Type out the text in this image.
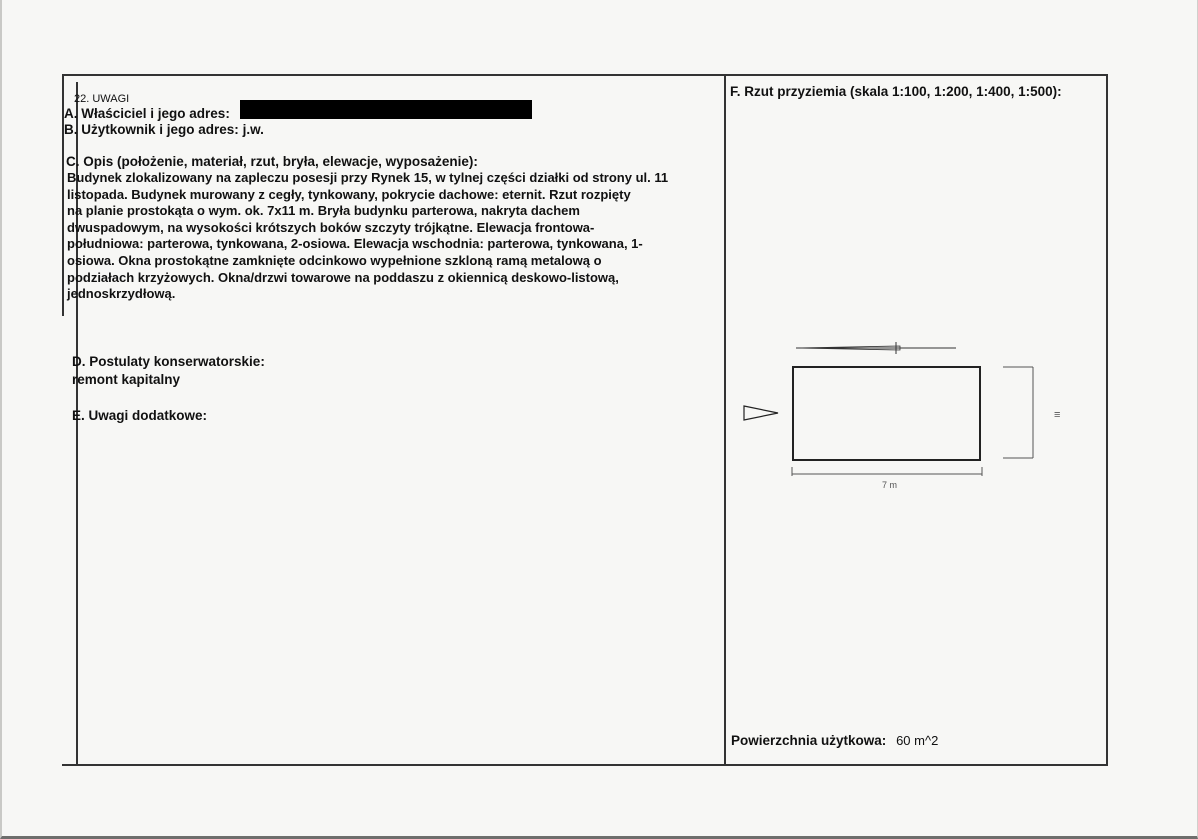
22. UWAGI
A. Właściciel i jego adres:
B. Użytkownik i jego adres: j.w.
C. Opis (położenie, materiał, rzut, bryła, elewacje, wyposażenie):
Budynek zlokalizowany na zapleczu posesji przy Rynek 15, w tylnej części działki od strony ul. 11
listopada. Budynek murowany z cegły, tynkowany, pokrycie dachowe: eternit. Rzut rozpięty
na planie prostokąta o wym. ok. 7x11 m. Bryła budynku parterowa, nakryta dachem
dwuspadowym, na wysokości krótszych boków szczyty trójkątne. Elewacja frontowa-
południowa: parterowa, tynkowana, 2-osiowa. Elewacja wschodnia: parterowa, tynkowana, 1-
osiowa. Okna prostokątne zamknięte odcinkowo wypełnione szkloną ramą metalową o
podziałach krzyżowych. Okna/drzwi towarowe na poddaszu z okiennicą deskowo-listową,
jednoskrzydłową.
D. Postulaty konserwatorskie:
remont kapitalny
E. Uwagi dodatkowe:
F. Rzut przyziemia (skala 1:100, 1:200, 1:400, 1:500):
7 m
≡
Powierzchnia użytkowa: 60 m^2
